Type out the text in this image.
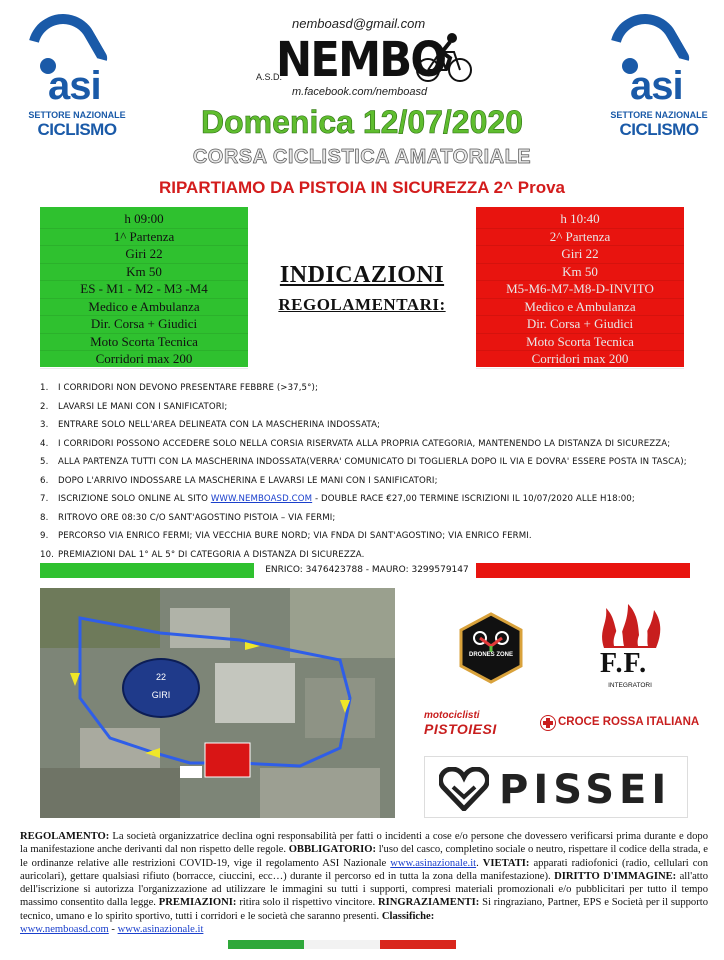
asi
SETTORE NAZIONALE
CICLISMO
asi
SETTORE NAZIONALE
CICLISMO
nemboasd@gmail.com
A.S.D.
NEMBO
m.facebook.com/nemboasd
Domenica 12/07/2020
CORSA CICLISTICA AMATORIALE
RIPARTIAMO DA PISTOIA IN SICUREZZA 2^ Prova
h 09:00
1^ Partenza
Giri 22
Km 50
ES - M1 - M2 - M3 -M4
Medico e Ambulanza
Dir. Corsa + Giudici
Moto Scorta Tecnica
Corridori max 200
INDICAZIONI
REGOLAMENTARI:
h 10:40
2^ Partenza
Giri 22
Km 50
M5-M6-M7-M8-D-INVITO
Medico e Ambulanza
Dir. Corsa + Giudici
Moto Scorta Tecnica
Corridori max 200
1. I CORRIDORI NON DEVONO PRESENTARE FEBBRE (>37,5°);
2. LAVARSI LE MANI CON I SANIFICATORI;
3. ENTRARE SOLO NELL'AREA DELINEATA CON LA MASCHERINA INDOSSATA;
4. I CORRIDORI POSSONO ACCEDERE SOLO NELLA CORSIA RISERVATA ALLA PROPRIA CATEGORIA, MANTENENDO LA DISTANZA DI SICUREZZA;
5. ALLA PARTENZA TUTTI CON LA MASCHERINA INDOSSATA(VERRA' COMUNICATO DI TOGLIERLA DOPO IL VIA E DOVRA' ESSERE POSTA IN TASCA);
6. DOPO L'ARRIVO INDOSSARE LA MASCHERINA E LAVARSI LE MANI CON I SANIFICATORI;
7. ISCRIZIONE SOLO ONLINE AL SITO WWW.NEMBOASD.COM - DOUBLE RACE €27,00 TERMINE ISCRIZIONI IL 10/07/2020 ALLE H18:00;
8. RITROVO ORE 08:30 C/O SANT'AGOSTINO PISTOIA – VIA FERMI;
9. PERCORSO VIA ENRICO FERMI; VIA VECCHIA BURE NORD; VIA FNDA DI SANT'AGOSTINO; VIA ENRICO FERMI.
10. PREMIAZIONI DAL 1° AL 5° DI CATEGORIA A DISTANZA DI SICUREZZA.
ENRICO: 3476423788 - MAURO: 3299579147
22
GIRI
DRONES ZONE	F.F.
INTEGRATORI
motociclisti
PISTOIESI	CROCE ROSSA ITALIANA
PISSEI
REGOLAMENTO: La società organizzatrice declina ogni responsabilità per fatti o incidenti a cose e/o persone che dovessero verificarsi prima durante e dopo la manifestazione anche derivanti dal non rispetto delle regole. OBBLIGATORIO: l'uso del casco, completino sociale o neutro, rispettare il codice della strada, e le ordinanze relative alle restrizioni COVID-19, vige il regolamento ASI Nazionale www.asinazionale.it. VIETATI: apparati radiofonici (radio, cellulari con auricolari), gettare qualsiasi rifiuto (borracce, ciuccini, ecc…) durante il percorso ed in tutta la zona della manifestazione). DIRITTO D'IMMAGINE: all'atto dell'iscrizione si autorizza l'organizzazione ad utilizzare le immagini su tutti i supporti, compresi materiali promozionali e/o pubblicitari per tutto il tempo massimo consentito dalla legge. PREMIAZIONI: ritira solo il rispettivo vincitore. RINGRAZIAMENTI: Si ringraziano, Partner, EPS e Società per il supporto tecnico, umano e lo spirito sportivo, tutti i corridori e le società che saranno presenti. Classifiche:
www.nemboasd.com - www.asinazionale.it
